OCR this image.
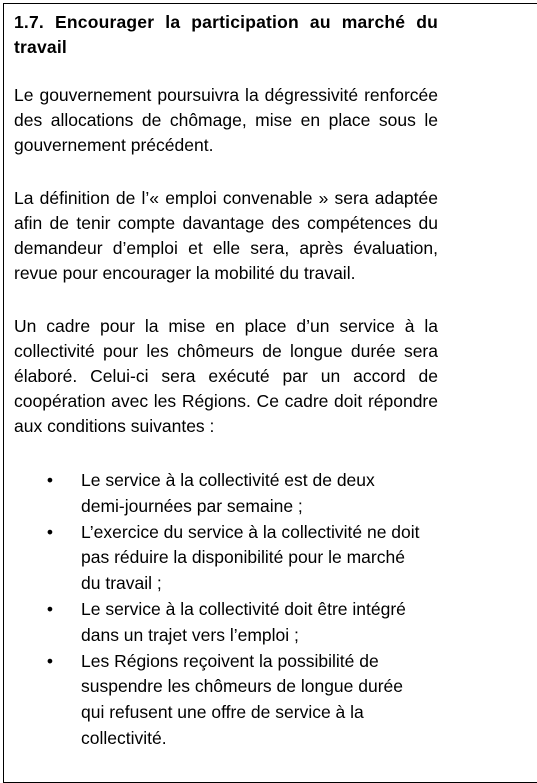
1.7. Encourager la participation au marché du travail

Le gouvernement poursuivra la dégressivité renforcée des allocations de chômage, mise en place sous le gouvernement précédent.

La définition de l’« emploi convenable » sera adaptée afin de tenir compte davantage des compétences du demandeur d’emploi et elle sera, après évaluation, revue pour encourager la mobilité du travail.

Un cadre pour la mise en place d’un service à la collectivité pour les chômeurs de longue durée sera élaboré. Celui-ci sera exécuté par un accord de coopération avec les Régions. Ce cadre doit répondre aux conditions suivantes :

• Le service à la collectivité est de deux demi-journées par semaine ;
• L’exercice du service à la collectivité ne doit pas réduire la disponibilité pour le marché du travail ;
• Le service à la collectivité doit être intégré dans un trajet vers l’emploi ;
• Les Régions reçoivent la possibilité de suspendre les chômeurs de longue durée qui refusent une offre de service à la collectivité.
